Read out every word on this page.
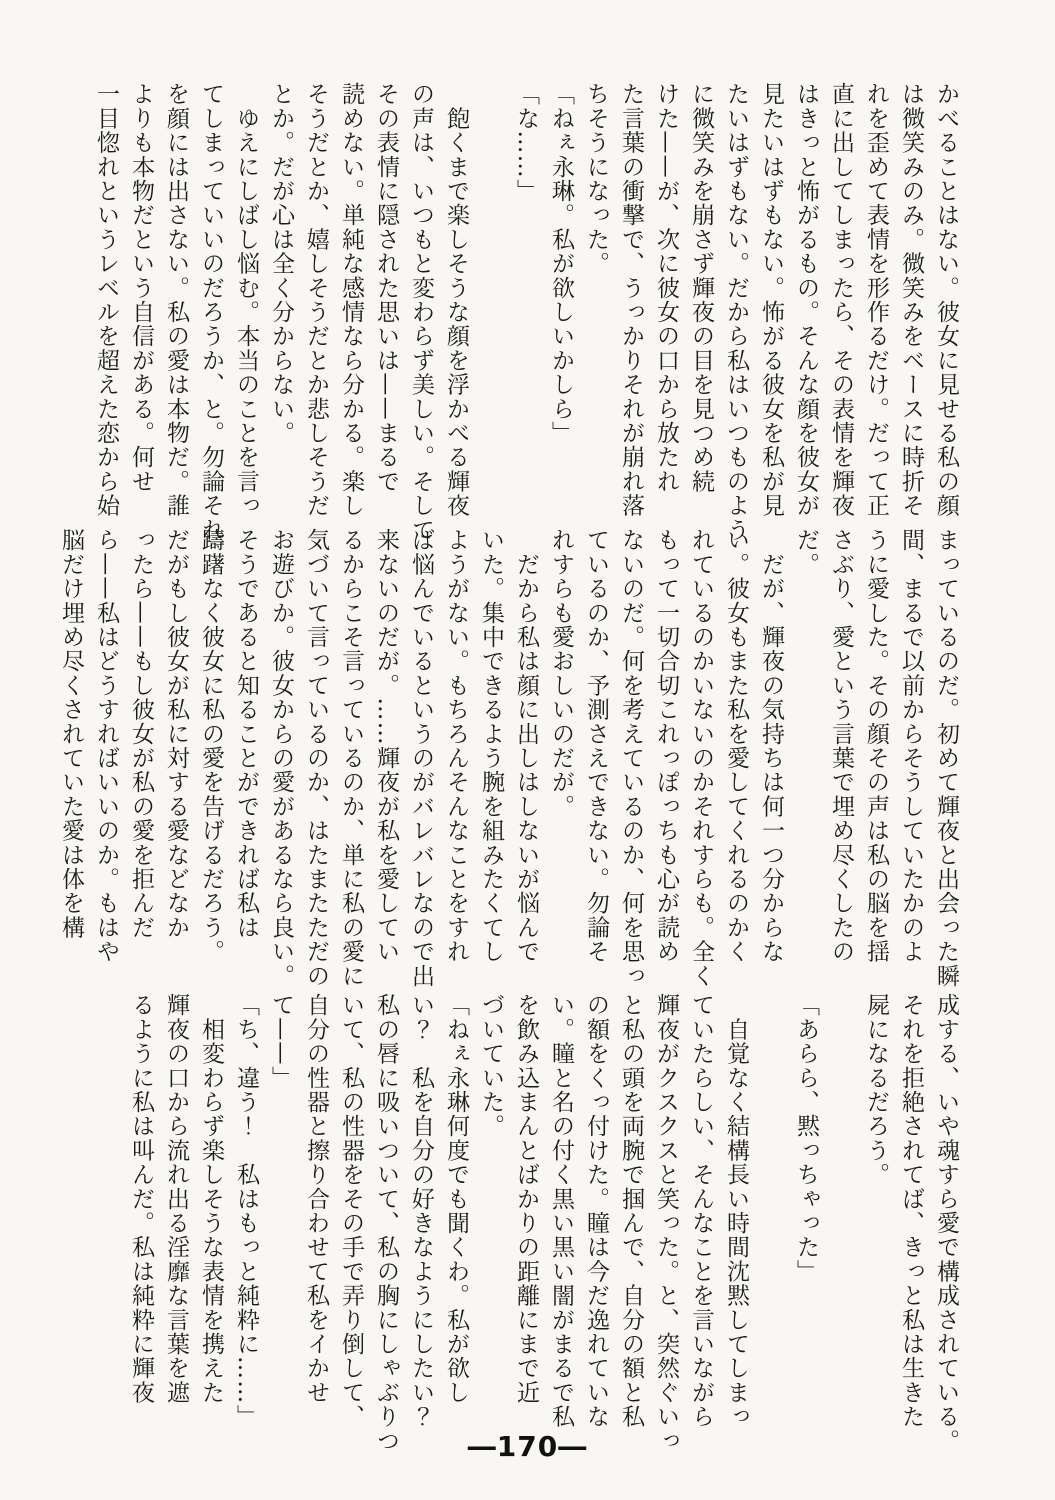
かべることはない。彼女に見せる私の顔
は微笑みのみ。微笑みをベースに時折そ
れを歪めて表情を形作るだけ。だって正
直に出してしまったら、その表情を輝夜
はきっと怖がるもの。そんな顔を彼女が
見たいはずもない。怖がる彼女を私が見
たいはずもない。だから私はいつものよう
に微笑みを崩さず輝夜の目を見つめ続
けた——が、次に彼女の口から放たれ
た言葉の衝撃で、うっかりそれが崩れ落
ちそうになった。
「ねぇ永琳。私が欲しいかしら」
「な……」

　飽くまで楽しそうな顔を浮かべる輝夜
の声は、いつもと変わらず美しい。そして
その表情に隠された思いは——まるで
読めない。単純な感情なら分かる。楽し
そうだとか、嬉しそうだとか悲しそうだ
とか。だが心は全く分からない。
　ゆえにしばし悩む。本当のことを言っ
てしまっていいのだろうか、と。勿論それ
を顔には出さない。私の愛は本物だ。誰
よりも本物だという自信がある。何せ
一目惚れというレベルを超えた恋から始
まっているのだ。初めて輝夜と出会った瞬
間、まるで以前からそうしていたかのよ
うに愛した。その顔その声は私の脳を揺
さぶり、愛という言葉で埋め尽くしたの
だ。
　だが、輝夜の気持ちは何一つ分からな
い。彼女もまた私を愛してくれるのかく
れているのかいないのかそれすらも。全く
もって一切合切これっぽっちも心が読め
ないのだ。何を考えているのか、何を思っ
ているのか、予測さえできない。勿論そ
れすらも愛おしいのだが。
　だから私は顔に出しはしないが悩んで
いた。集中できるよう腕を組みたくてし
ようがない。もちろんそんなことをすれ
ば悩んでいるというのがバレバレなので出
来ないのだが。……輝夜が私を愛してい
るからこそ言っているのか、単に私の愛に
気づいて言っているのか、はたまたただの
お遊びか。彼女からの愛があるなら良い。
そうであると知ることができれば私は
躊躇なく彼女に私の愛を告げるだろう。
だがもし彼女が私に対する愛などなか
ったら——もし彼女が私の愛を拒んだ
ら——私はどうすればいいのか。もはや
脳だけ埋め尽くされていた愛は体を構
成する、いや魂すら愛で構成されている。
それを拒絶されてば、きっと私は生きた
屍になるだろう。

「あらら、黙っちゃった」

　自覚なく結構長い時間沈黙してしまっ
ていたらしい、そんなことを言いながら
輝夜がクスクスと笑った。と、突然ぐいっ
と私の頭を両腕で掴んで、自分の額と私
の額をくっ付けた。瞳は今だ逸れていな
い。瞳と名の付く黒い黒い闇がまるで私
を飲み込まんとばかりの距離にまで近
づいていた。
「ねぇ永琳何度でも聞くわ。私が欲し
い？　私を自分の好きなようにしたい？
私の唇に吸いついて、私の胸にしゃぶりつ
いて、私の性器をその手で弄り倒して、
自分の性器と擦り合わせて私をイかせ
て——」
「ち、違う！　私はもっと純粋に……」
　相変わらず楽しそうな表情を携えた
輝夜の口から流れ出る淫靡な言葉を遮
るように私は叫んだ。私は純粋に輝夜
―170―
